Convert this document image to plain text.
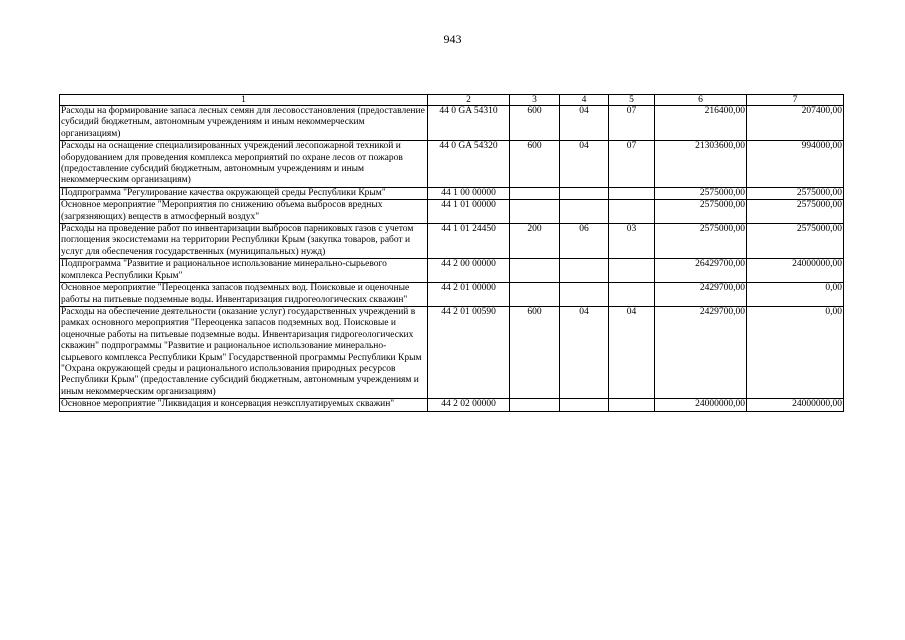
943
1	2	3	4	5	6	7
Расходы на формирование запаса лесных семян для лесовосстановления (предоставление субсидий бюджетным, автономным учреждениям и иным некоммерческим организациям)	44 0 GA 54310	600	04	07	216400,00	207400,00
Расходы на оснащение специализированных учреждений лесопожарной техникой и оборудованием для проведения комплекса мероприятий по охране лесов от пожаров (предоставление субсидий бюджетным, автономным учреждениям и иным некоммерческим организациям)	44 0 GA 54320	600	04	07	21303600,00	994000,00
Подпрограмма "Регулирование качества окружающей среды Республики Крым"	44 1 00 00000				2575000,00	2575000,00
Основное мероприятие "Мероприятия по снижению объема выбросов вредных (загрязняющих) веществ в атмосферный воздух"	44 1 01 00000				2575000,00	2575000,00
Расходы на проведение работ по инвентаризации выбросов парниковых газов с учетом поглощения экосистемами на территории Республики Крым (закупка товаров, работ и услуг для обеспечения государственных (муниципальных) нужд)	44 1 01 24450	200	06	03	2575000,00	2575000,00
Подпрограмма "Развитие и рациональное использование минерально-сырьевого комплекса Республики Крым"	44 2 00 00000				26429700,00	24000000,00
Основное мероприятие "Переоценка запасов подземных вод. Поисковые и оценочные работы на питьевые подземные воды. Инвентаризация гидрогеологических скважин"	44 2 01 00000				2429700,00	0,00
Расходы на обеспечение деятельности (оказание услуг) государственных учреждений в рамках основного мероприятия "Переоценка запасов подземных вод. Поисковые и оценочные работы на питьевые подземные воды. Инвентаризация гидрогеологических скважин" подпрограммы "Развитие и рациональное использование минерально-сырьевого комплекса Республики Крым" Государственной программы Республики Крым "Охрана окружающей среды и рационального использования природных ресурсов Республики Крым" (предоставление субсидий бюджетным, автономным учреждениям и иным некоммерческим организациям)	44 2 01 00590	600	04	04	2429700,00	0,00
Основное мероприятие "Ликвидация и консервация неэксплуатируемых скважин"	44 2 02 00000				24000000,00	24000000,00
